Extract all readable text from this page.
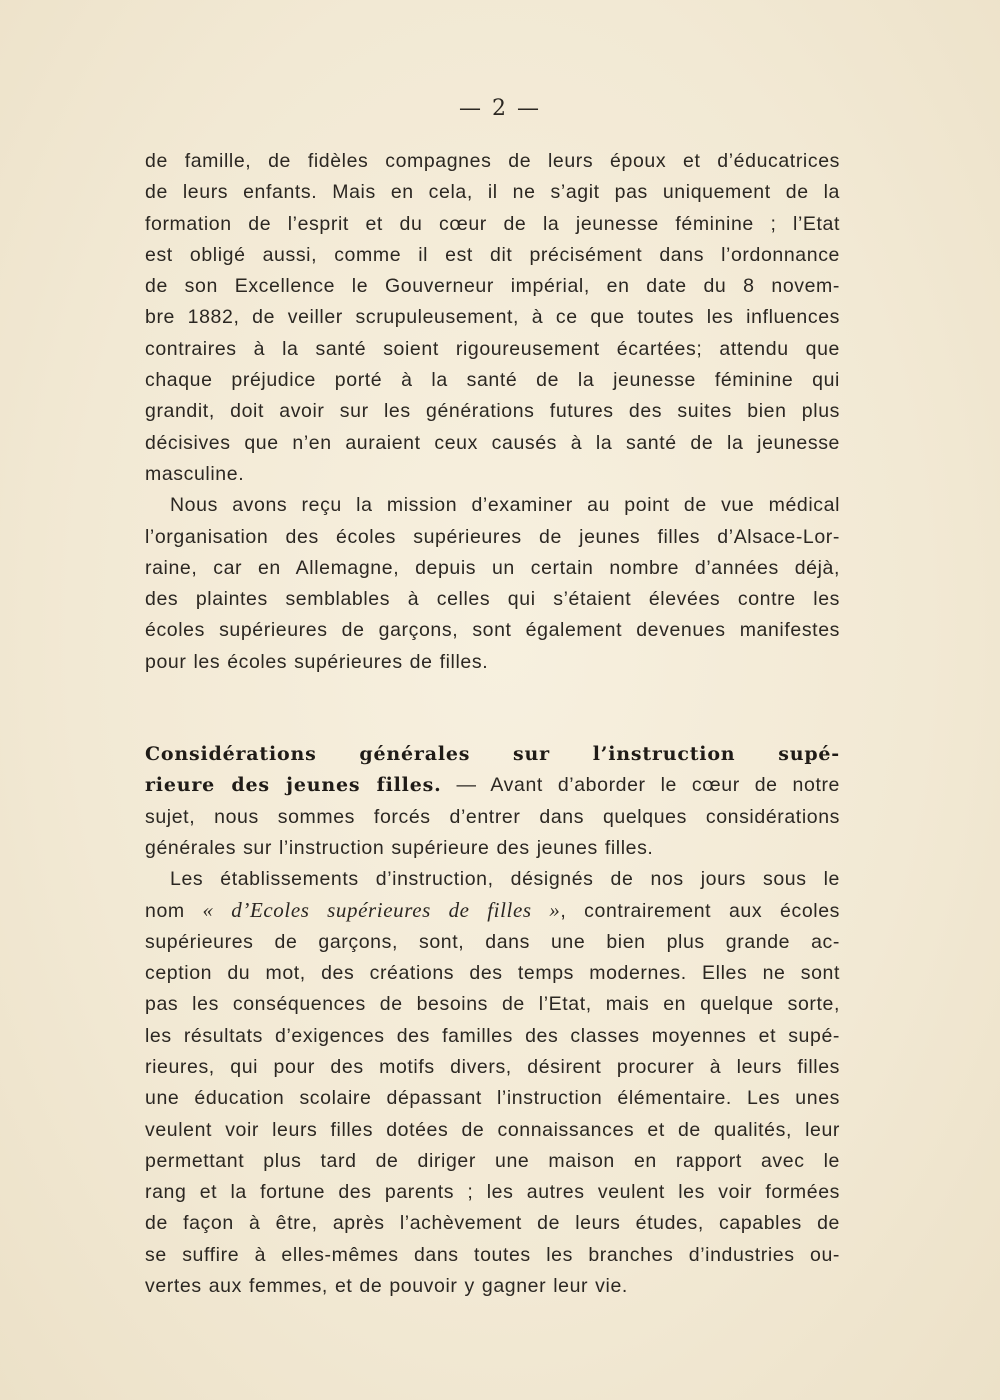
— 2 —
de famille, de fidèles compagnes de leurs époux et d’éducatrices
de leurs enfants. Mais en cela, il ne s’agit pas uniquement de la
formation de l’esprit et du cœur de la jeunesse féminine ; l’Etat
est obligé aussi, comme il est dit précisément dans l’ordonnance
de son Excellence le Gouverneur impérial, en date du 8 novem-
bre 1882, de veiller scrupuleusement, à ce que toutes les influences
contraires à la santé soient rigoureusement écartées; attendu que
chaque préjudice porté à la santé de la jeunesse féminine qui
grandit, doit avoir sur les générations futures des suites bien plus
décisives que n’en auraient ceux causés à la santé de la jeunesse
masculine.
Nous avons reçu la mission d’examiner au point de vue médical
l’organisation des écoles supérieures de jeunes filles d’Alsace-Lor-
raine, car en Allemagne, depuis un certain nombre d’années déjà,
des plaintes semblables à celles qui s’étaient élevées contre les
écoles supérieures de garçons, sont également devenues manifestes
pour les écoles supérieures de filles.
Considérations générales sur l’instruction supé-
rieure des jeunes filles. — Avant d’aborder le cœur de notre
sujet, nous sommes forcés d’entrer dans quelques considérations
générales sur l’instruction supérieure des jeunes filles.
Les établissements d’instruction, désignés de nos jours sous le
nom « d’Ecoles supérieures de filles », contrairement aux écoles
supérieures de garçons, sont, dans une bien plus grande ac-
ception du mot, des créations des temps modernes. Elles ne sont
pas les conséquences de besoins de l’Etat, mais en quelque sorte,
les résultats d’exigences des familles des classes moyennes et supé-
rieures, qui pour des motifs divers, désirent procurer à leurs filles
une éducation scolaire dépassant l’instruction élémentaire. Les unes
veulent voir leurs filles dotées de connaissances et de qualités, leur
permettant plus tard de diriger une maison en rapport avec le
rang et la fortune des parents ; les autres veulent les voir formées
de façon à être, après l’achèvement de leurs études, capables de
se suffire à elles-mêmes dans toutes les branches d’industries ou-
vertes aux femmes, et de pouvoir y gagner leur vie.
